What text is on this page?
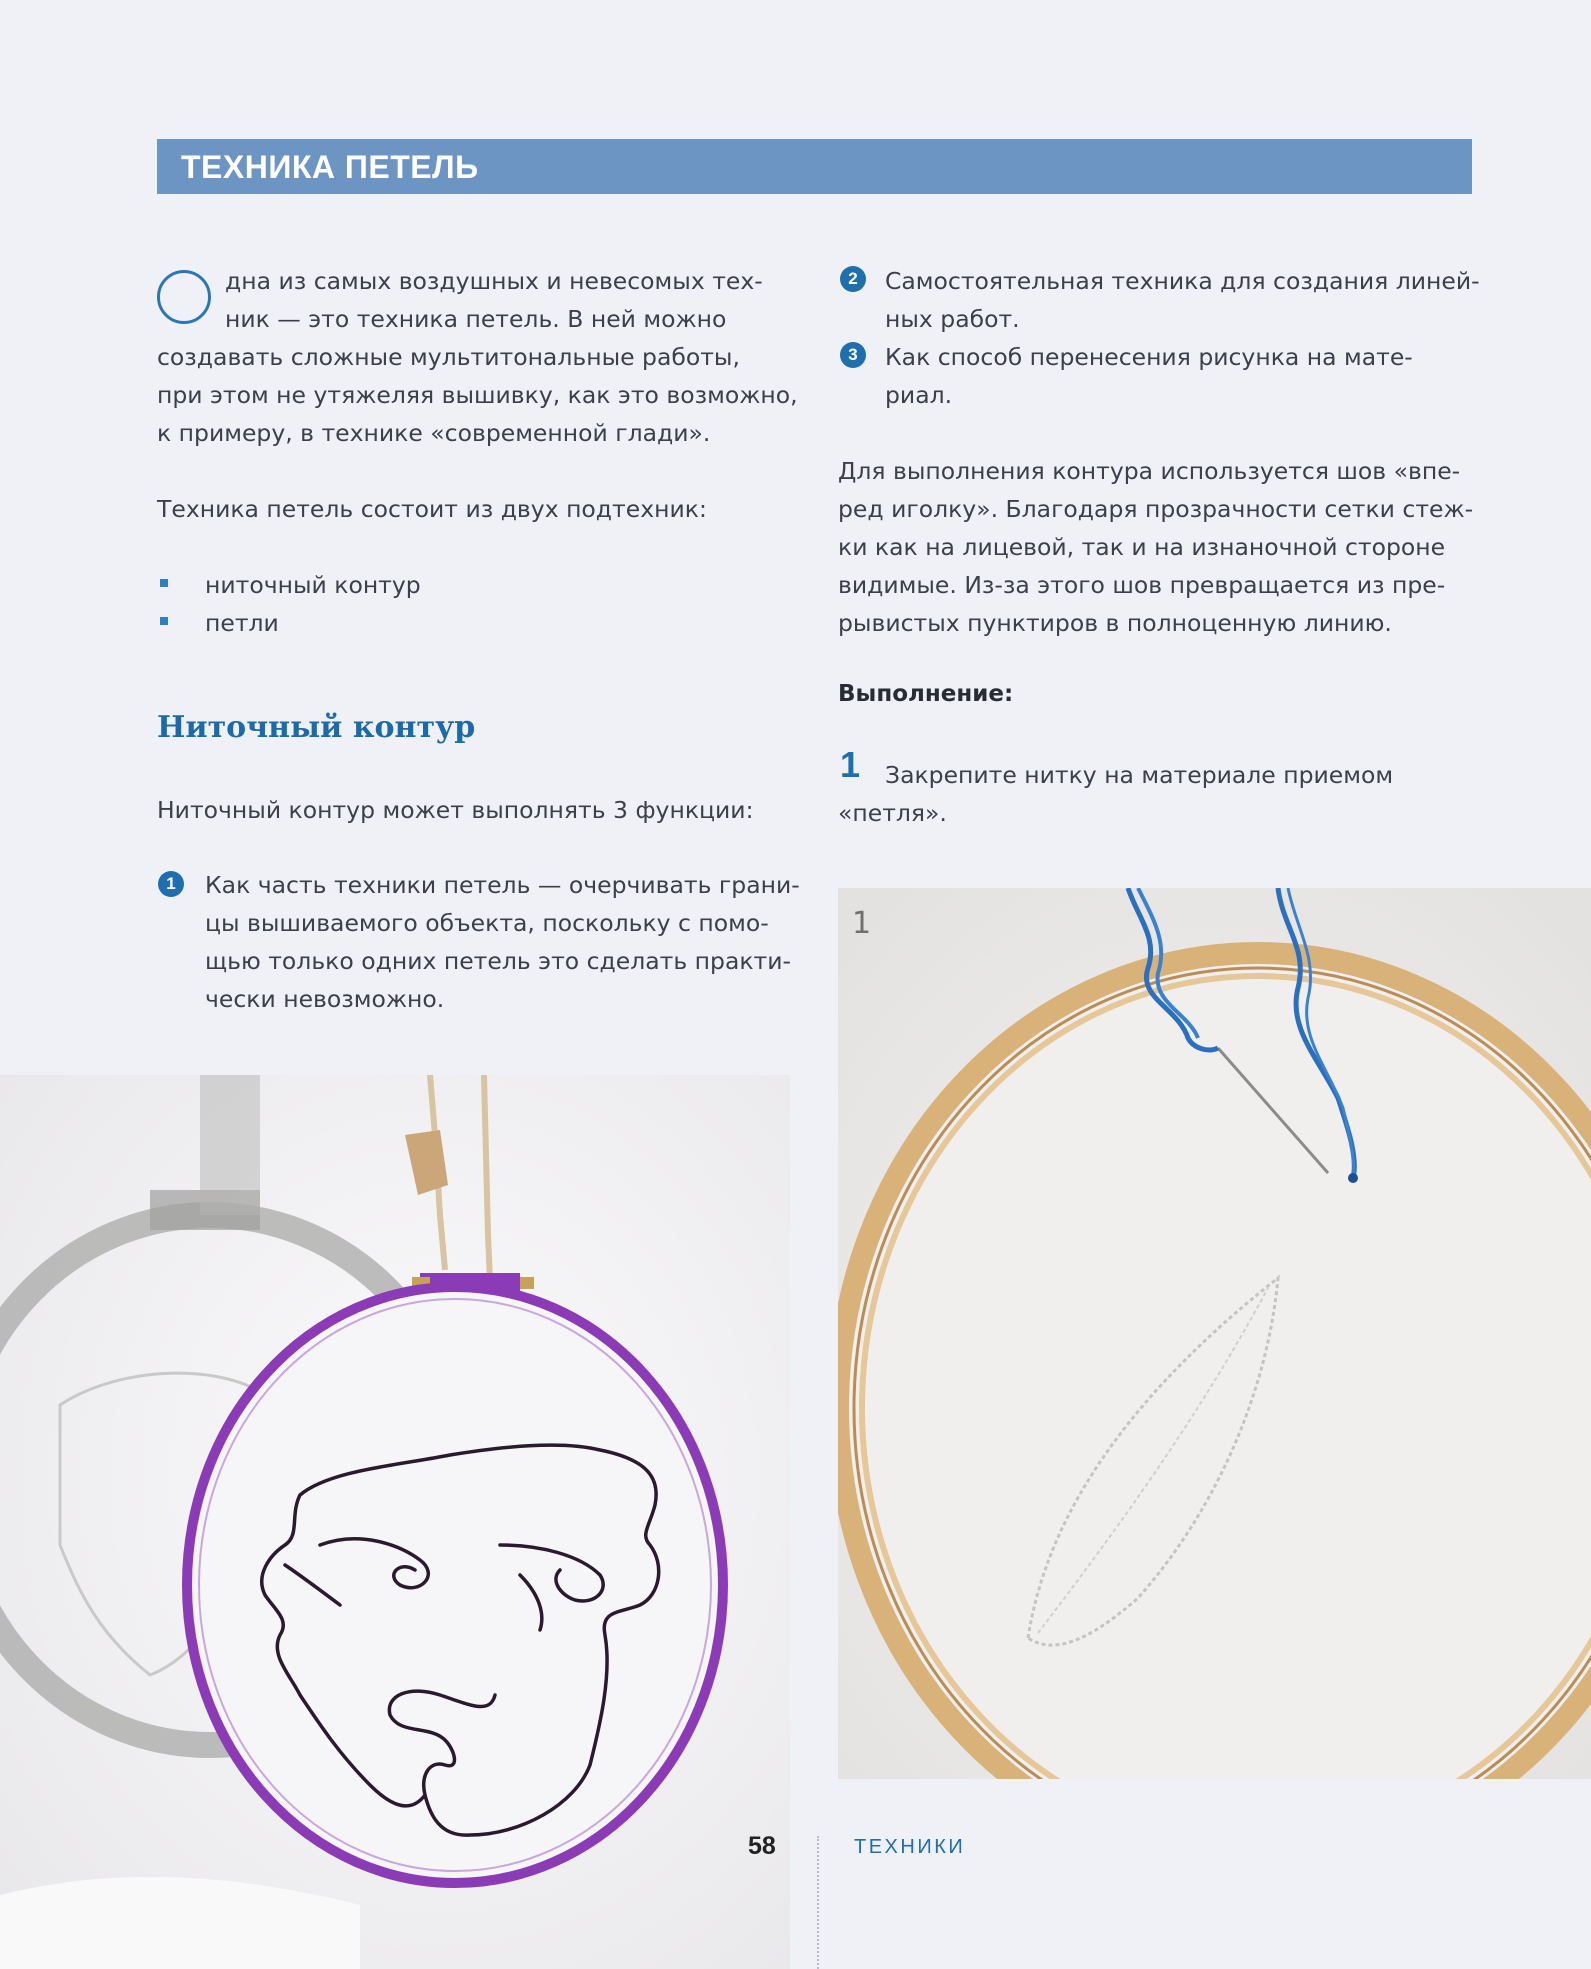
ТЕХНИКА ПЕТЕЛЬ
дна из самых воздушных и невесомых тех-
ник — это техника петель. В ней можно
создавать сложные мультитональные работы,
при этом не утяжеляя вышивку, как это возможно,
к примеру, в технике «современной глади».
Техника петель состоит из двух подтехник:
ниточный контур
петли
Ниточный контур
Ниточный контур может выполнять 3 функции:
1	Как часть техники петель — очерчивать грани-
цы вышиваемого объекта, поскольку с помо-
щью только одних петель это сделать практи-
чески невозможно.
2	Самостоятельная техника для создания линей-
ных работ.
3	Как способ перенесения рисунка на мате-
риал.
Для выполнения контура используется шов «впе-
ред иголку». Благодаря прозрачности сетки стеж-
ки как на лицевой, так и на изнаночной стороне
видимые. Из-за этого шов превращается из пре-
рывистых пунктиров в полноценную линию.
Выполнение:
1 Закрепите нитку на материале приемом
«петля».
1
58	ТЕХНИКИ
